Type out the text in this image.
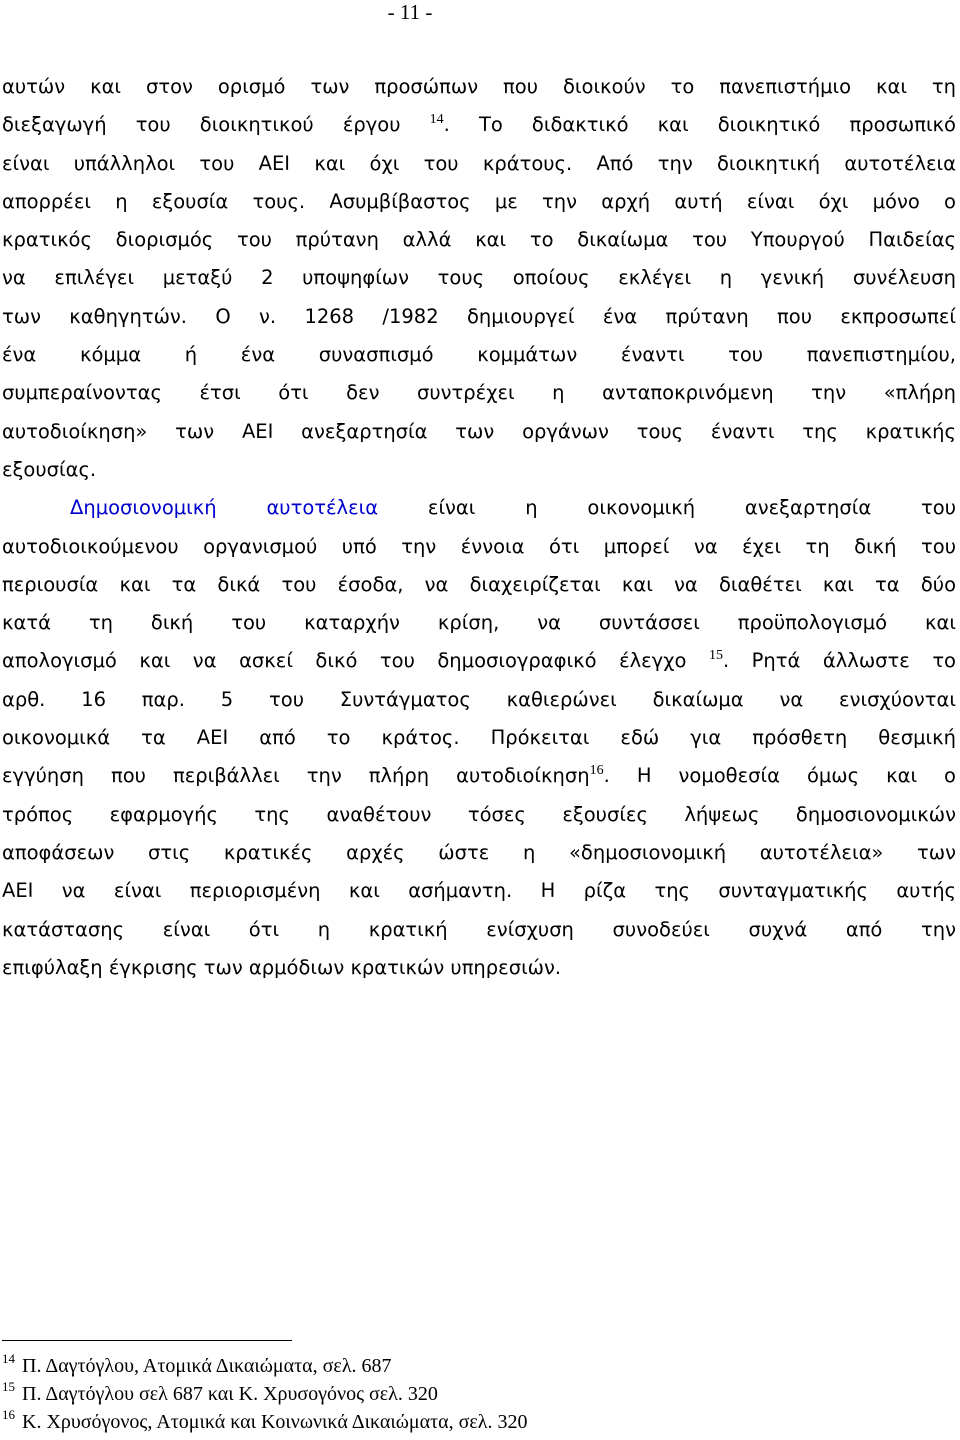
- 11 -

αυτών και στον ορισμό των προσώπων που διοικούν το πανεπιστήμιο και τη
διεξαγωγή του διοικητικού έργου $^{14}$. Το διδακτικό και διοικητικό προσωπικό
είναι υπάλληλοι του ΑΕΙ και όχι του κράτους. Από την διοικητική αυτοτέλεια
απορρέει η εξουσία τους. Ασυμβίβαστος με την αρχή αυτή είναι όχι μόνο ο
κρατικός διορισμός του πρύτανη αλλά και το δικαίωμα του Υπουργού Παιδείας
να επιλέγει μεταξύ 2 υποψηφίων τους οποίους εκλέγει η γενική συνέλευση
των καθηγητών. Ο ν. 1268 /1982 δημιουργεί ένα πρύτανη που εκπροσωπεί
ένα κόμμα ή ένα συνασπισμό κομμάτων έναντι του πανεπιστημίου,
συμπεραίνοντας έτσι ότι δεν συντρέχει η ανταποκρινόμενη την «πλήρη
αυτοδιοίκηση» των ΑΕΙ ανεξαρτησία των οργάνων τους έναντι της κρατικής
εξουσίας.

Δημοσιονομική αυτοτέλεια είναι η οικονομική ανεξαρτησία του
αυτοδιοικούμενου οργανισμού υπό την έννοια ότι μπορεί να έχει τη δική του
περιουσία και τα δικά του έσοδα, να διαχειρίζεται και να διαθέτει και τα δύο
κατά τη δική του καταρχήν κρίση, να συντάσσει προϋπολογισμό και
απολογισμό και να ασκεί δικό του δημοσιογραφικό έλεγχο $^{15}$. Ρητά άλλωστε το
αρθ. 16 παρ. 5 του Συντάγματος καθιερώνει δικαίωμα να ενισχύονται
οικονομικά τα ΑΕΙ από το κράτος. Πρόκειται εδώ για πρόσθετη θεσμική
εγγύηση που περιβάλλει την πλήρη αυτοδιοίκηση$^{16}$. Η νομοθεσία όμως και ο
τρόπος εφαρμογής της αναθέτουν τόσες εξουσίες λήψεως δημοσιονομικών
αποφάσεων στις κρατικές αρχές ώστε η «δημοσιονομική αυτοτέλεια» των
ΑΕΙ να είναι περιορισμένη και ασήμαντη. Η ρίζα της συνταγματικής αυτής
κατάστασης είναι ότι η κρατική ενίσχυση συνοδεύει συχνά από την
επιφύλαξη έγκρισης των αρμόδιων κρατικών υπηρεσιών.

$^{14}$ Π. Δαγτόγλου, Ατομικά Δικαιώματα, σελ. 687
$^{15}$ Π. Δαγτόγλου σελ 687 και Κ. Χρυσογόνος σελ. 320
$^{16}$ Κ. Χρυσόγονος, Ατομικά και Κοινωνικά Δικαιώματα, σελ. 320
